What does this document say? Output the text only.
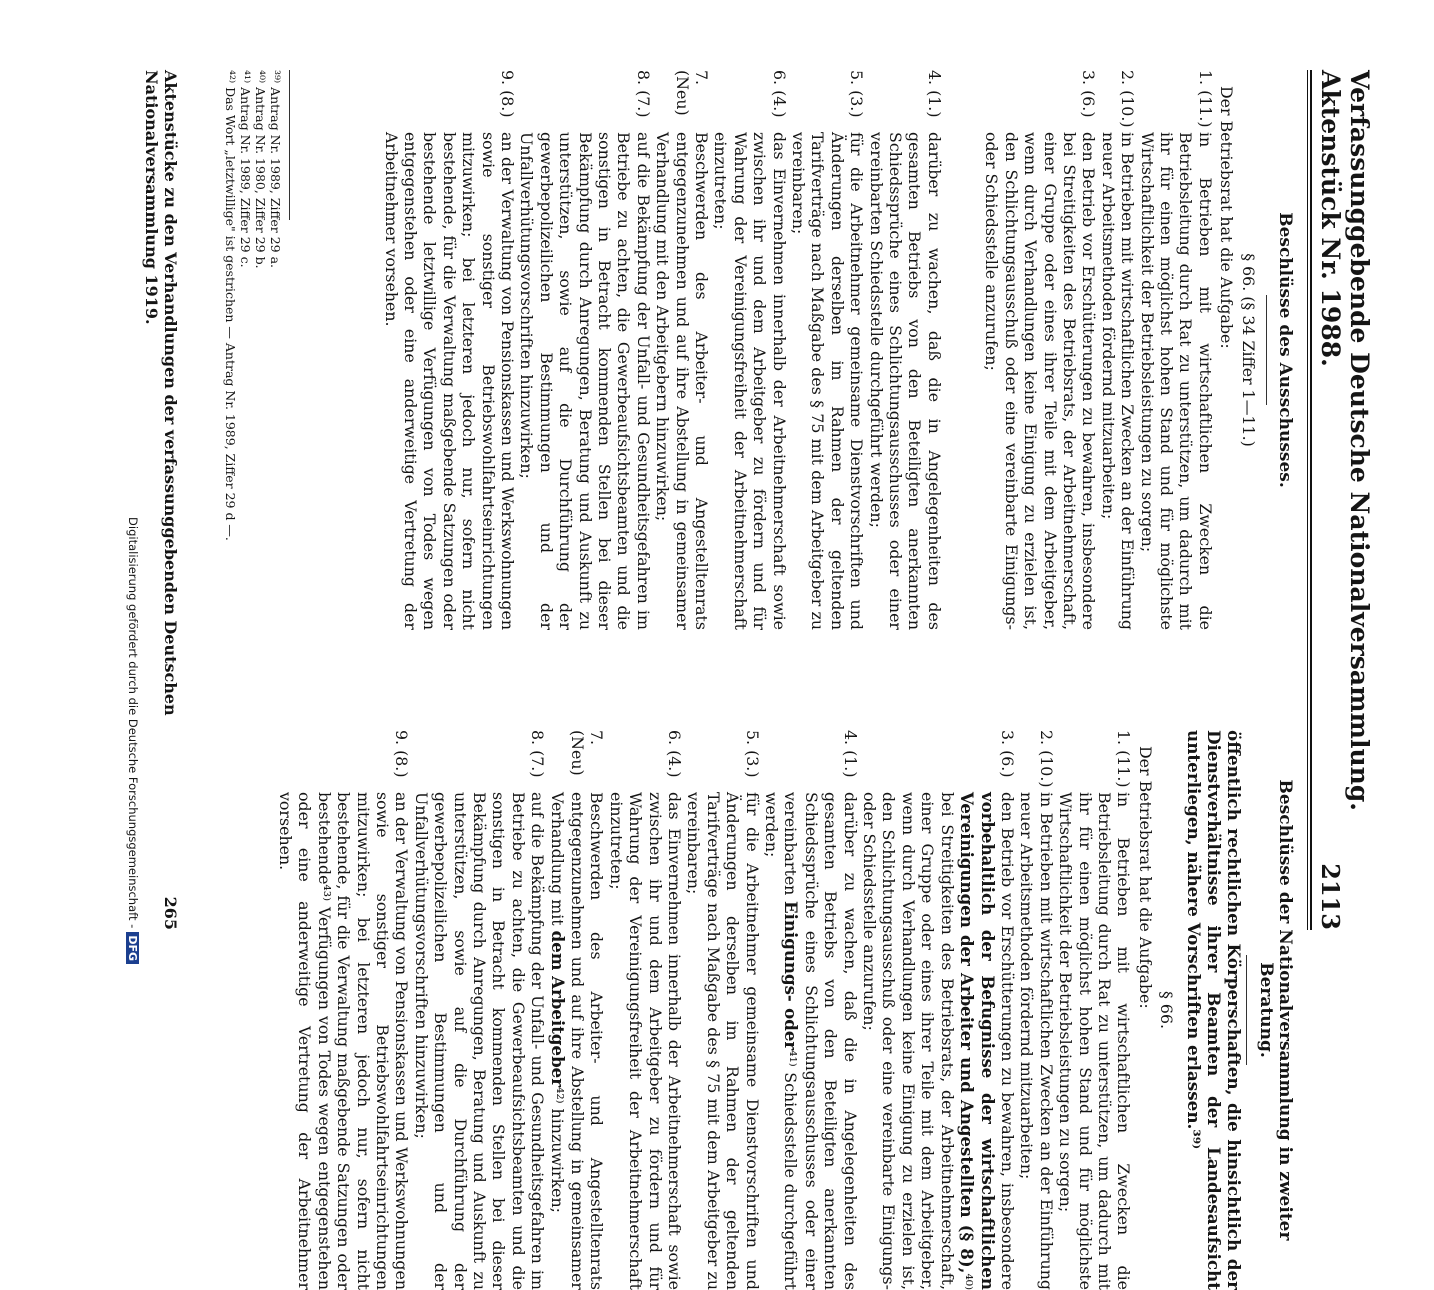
Verfassunggebende Deutsche Nationalversammlung. Aktenstück Nr. 1988.
2113
Beschlüsse des Ausschusses.

§ 66. (§ 34 Ziffer 1—11.)

Der Betriebsrat hat die Aufgabe:

1. (11.)
in Betrieben mit wirtschaftlichen Zwecken die Betriebsleitung durch Rat zu unterstützen, um dadurch mit ihr für einen möglichst hohen Stand und für möglichste Wirtschaftlichkeit der Betriebsleistungen zu sorgen;
2. (10.)
in Betrieben mit wirtschaftlichen Zwecken an der Einführung neuer Arbeitsmethoden fördernd mitzuarbeiten;
3. (6.)
den Betrieb vor Erschütterungen zu bewahren, insbesondere bei Streitigkeiten des Betriebsrats, der Arbeitnehmerschaft, einer Gruppe oder eines ihrer Teile mit dem Arbeitgeber, wenn durch Verhandlungen keine Einigung zu erzielen ist, den Schlichtungsausschuß oder eine vereinbarte Einigungs- oder Schiedsstelle anzurufen;
4. (1.)
darüber zu wachen, daß die in Angelegenheiten des gesamten Betriebs von den Beteiligten anerkannten Schiedssprüche eines Schlichtungsausschusses oder einer vereinbarten Schiedsstelle durchgeführt werden;
5. (3.)
für die Arbeitnehmer gemeinsame Dienstvorschriften und Änderungen derselben im Rahmen der geltenden Tarifverträge nach Maßgabe des § 75 mit dem Arbeitgeber zu vereinbaren;
6. (4.)
das Einvernehmen innerhalb der Arbeitnehmerschaft sowie zwischen ihr und dem Arbeitgeber zu fördern und für Wahrung der Vereinigungsfreiheit der Arbeitnehmerschaft einzutreten;
7. (Neu)
Beschwerden des Arbeiter- und Angestelltenrats entgegenzunehmen und auf ihre Abstellung in gemeinsamer Verhandlung mit den Arbeitgebern hinzuwirken;
8. (7.)
auf die Bekämpfung der Unfall- und Gesundheitsgefahren im Betriebe zu achten, die Gewerbeaufsichtsbeamten und die sonstigen in Betracht kommenden Stellen bei dieser Bekämpfung durch Anregungen, Beratung und Auskunft zu unterstützen, sowie auf die Durchführung der gewerbepolizeilichen Bestimmungen und der Unfallverhütungsvorschriften hinzuwirken;
9. (8.)
an der Verwaltung von Pensionskassen und Werkswohnungen sowie sonstiger Betriebswohlfahrtseinrichtungen mitzuwirken; bei letzteren jedoch nur, sofern nicht bestehende, für die Verwaltung maßgebende Satzungen oder bestehende letztwillige Verfügungen von Todes wegen entgegenstehen oder eine anderweitige Vertretung der Arbeitnehmer vorsehen.
Beschlüsse der Nationalversammlung in zweiter Beratung.

öffentlich rechtlichen Körperschaften, die hinsichtlich der Dienstverhältnisse ihrer Beamten der Landesaufsicht unterliegen, nähere Vorschriften erlassen.³⁹⁾

§ 66.

Der Betriebsrat hat die Aufgabe:

1. (11.)
in Betrieben mit wirtschaftlichen Zwecken die Betriebsleitung durch Rat zu unterstützen, um dadurch mit ihr für einen möglichst hohen Stand und für möglichste Wirtschaftlichkeit der Betriebsleistungen zu sorgen;
2. (10.)
in Betrieben mit wirtschaftlichen Zwecken an der Einführung neuer Arbeitsmethoden fördernd mitzuarbeiten;
3. (6.)
den Betrieb vor Erschütterungen zu bewahren, insbesondere vorbehaltlich der Befugnisse der wirtschaftlichen Vereinigungen der Arbeiter und Angestellten (§ 8),⁴⁰⁾ bei Streitigkeiten des Betriebsrats, der Arbeitnehmerschaft, einer Gruppe oder eines ihrer Teile mit dem Arbeitgeber, wenn durch Verhandlungen keine Einigung zu erzielen ist, den Schlichtungsausschuß oder eine vereinbarte Einigungs- oder Schiedsstelle anzurufen;
4. (1.)
darüber zu wachen, daß die in Angelegenheiten des gesamten Betriebs von den Beteiligten anerkannten Schiedssprüche eines Schlichtungsausschusses oder einer vereinbarten Einigungs- oder⁴¹⁾ Schiedsstelle durchgeführt werden;
5. (3.)
für die Arbeitnehmer gemeinsame Dienstvorschriften und Änderungen derselben im Rahmen der geltenden Tarifverträge nach Maßgabe des § 75 mit dem Arbeitgeber zu vereinbaren;
6. (4.)
das Einvernehmen innerhalb der Arbeitnehmerschaft sowie zwischen ihr und dem Arbeitgeber zu fördern und für Wahrung der Vereinigungsfreiheit der Arbeitnehmerschaft einzutreten;
7. (Neu)
Beschwerden des Arbeiter- und Angestelltenrats entgegenzunehmen und auf ihre Abstellung in gemeinsamer Verhandlung mit dem Arbeitgeber⁴²⁾ hinzuwirken;
8. (7.)
auf die Bekämpfung der Unfall- und Gesundheitsgefahren im Betriebe zu achten, die Gewerbeaufsichtsbeamten und die sonstigen in Betracht kommenden Stellen bei dieser Bekämpfung durch Anregungen, Beratung und Auskunft zu unterstützen, sowie auf die Durchführung der gewerbepolizeilichen Bestimmungen und der Unfallverhütungsvorschriften hinzuwirken;
9. (8.)
an der Verwaltung von Pensionskassen und Werkswohnungen sowie sonstiger Betriebswohlfahrtseinrichtungen mitzuwirken; bei letzteren jedoch nur, sofern nicht bestehende, für die Verwaltung maßgebende Satzungen oder bestehende⁴³⁾ Verfügungen von Todes wegen entgegenstehen oder eine anderweitige Vertretung der Arbeitnehmer vorsehen.
³⁹⁾ Antrag Nr. 1989, Ziffer 29 a.
⁴⁰⁾ Antrag Nr. 1980, Ziffer 29 b.
⁴¹⁾ Antrag Nr. 1989, Ziffer 29 c.
⁴²⁾ Das Wort „letztwillige" ist gestrichen — Antrag Nr. 1989, Ziffer 29 d —.
Aktenstücke zu den Verhandlungen der verfassunggebenden Deutschen Nationalversammlung 1919.
265
Digitalisierung gefördert durch die Deutsche Forschungsgemeinschaft -DFG
